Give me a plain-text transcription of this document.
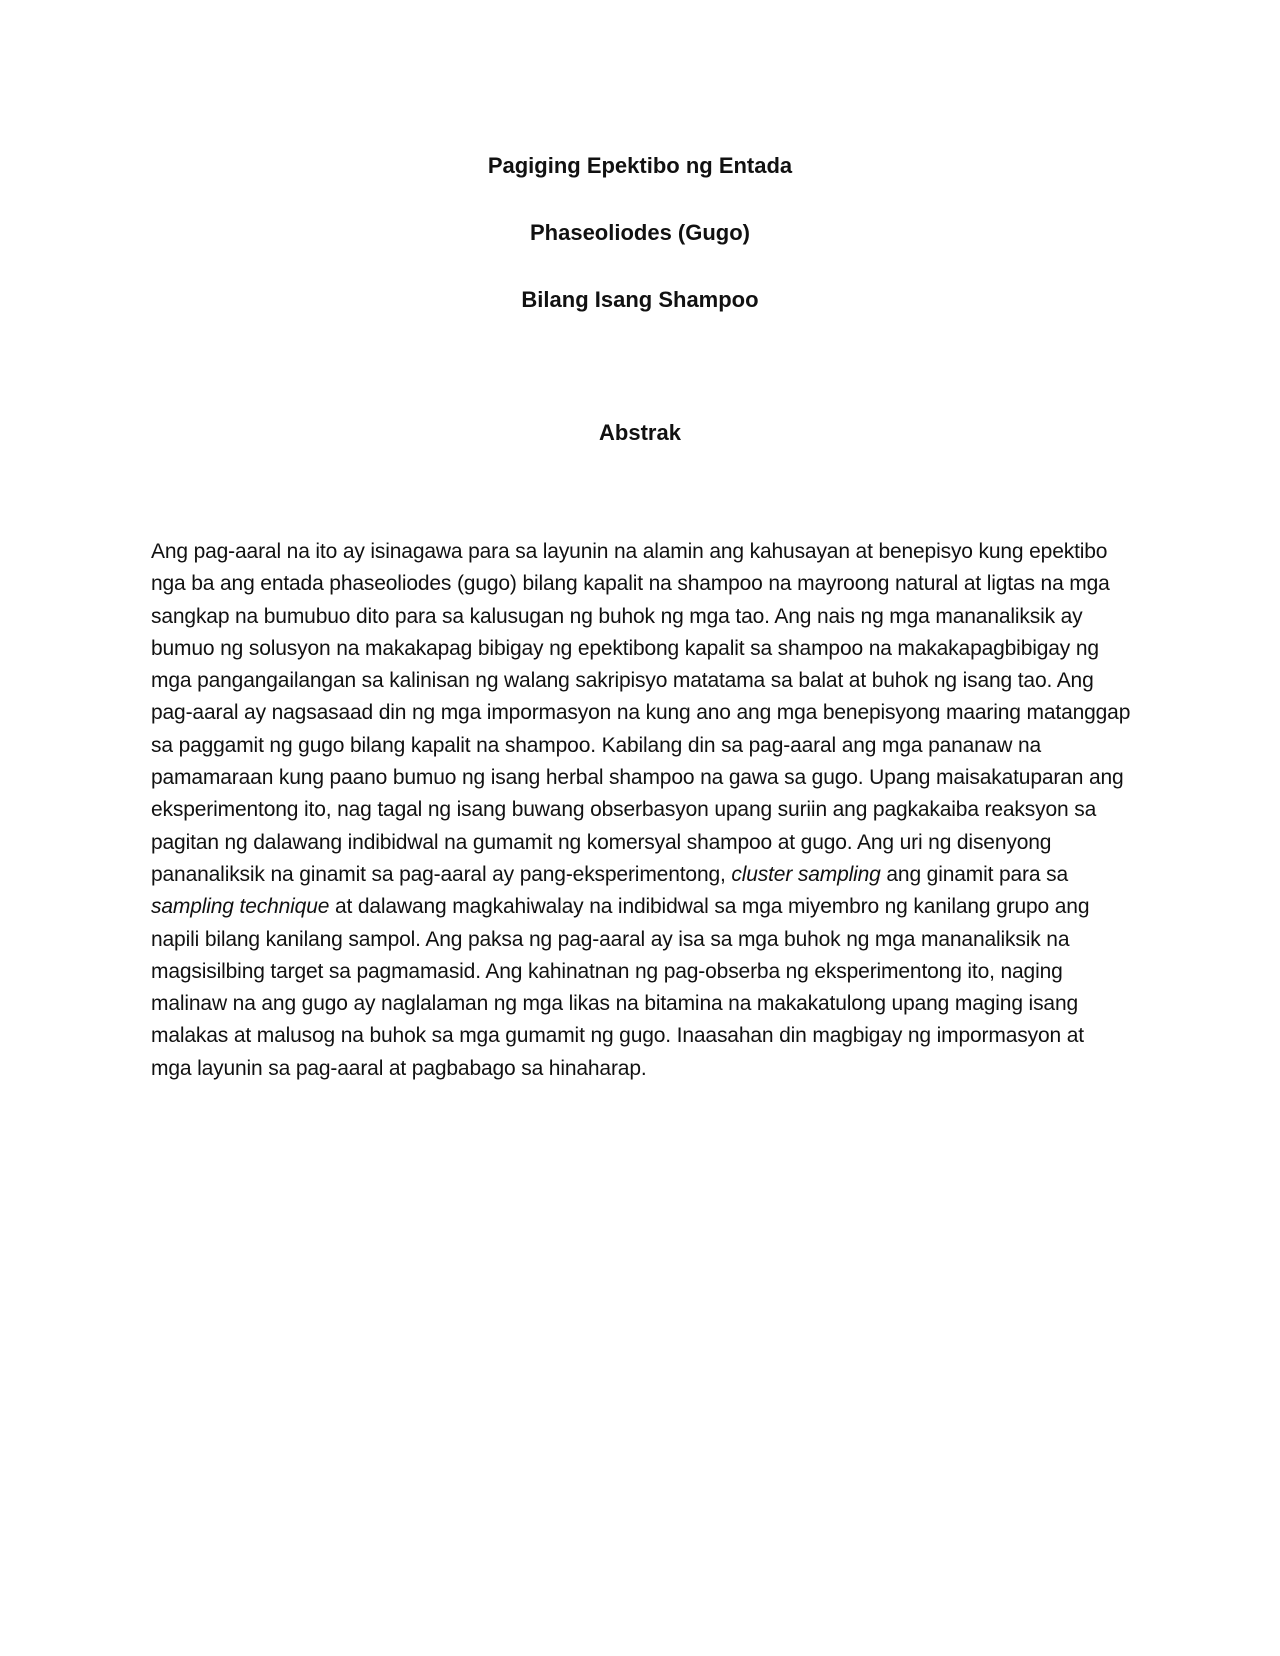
Pagiging Epektibo ng Entada
Phaseoliodes (Gugo)
Bilang Isang Shampoo
Abstrak
Ang pag-aaral na ito ay isinagawa para sa layunin na alamin ang kahusayan at benepisyo kung epektibo
nga ba ang entada phaseoliodes (gugo) bilang kapalit na shampoo na mayroong natural at ligtas na mga
sangkap na bumubuo dito para sa kalusugan ng buhok ng mga tao. Ang nais ng mga mananaliksik ay
bumuo ng solusyon na makakapag bibigay ng epektibong kapalit sa shampoo na makakapagbibigay ng
mga pangangailangan sa kalinisan ng walang sakripisyo matatama sa balat at buhok ng isang tao. Ang
pag-aaral ay nagsasaad din ng mga impormasyon na kung ano ang mga benepisyong maaring matanggap
sa paggamit ng gugo bilang kapalit na shampoo. Kabilang din sa pag-aaral ang mga pananaw na
pamamaraan kung paano bumuo ng isang herbal shampoo na gawa sa gugo. Upang maisakatuparan ang
eksperimentong ito, nag tagal ng isang buwang obserbasyon upang suriin ang pagkakaiba reaksyon sa
pagitan ng dalawang indibidwal na gumamit ng komersyal shampoo at gugo. Ang uri ng disenyong
pananaliksik na ginamit sa pag-aaral ay pang-eksperimentong, cluster sampling ang ginamit para sa
sampling technique at dalawang magkahiwalay na indibidwal sa mga miyembro ng kanilang grupo ang
napili bilang kanilang sampol. Ang paksa ng pag-aaral ay isa sa mga buhok ng mga mananaliksik na
magsisilbing target sa pagmamasid. Ang kahinatnan ng pag-obserba ng eksperimentong ito, naging
malinaw na ang gugo ay naglalaman ng mga likas na bitamina na makakatulong upang maging isang
malakas at malusog na buhok sa mga gumamit ng gugo. Inaasahan din magbigay ng impormasyon at
mga layunin sa pag-aaral at pagbabago sa hinaharap.
